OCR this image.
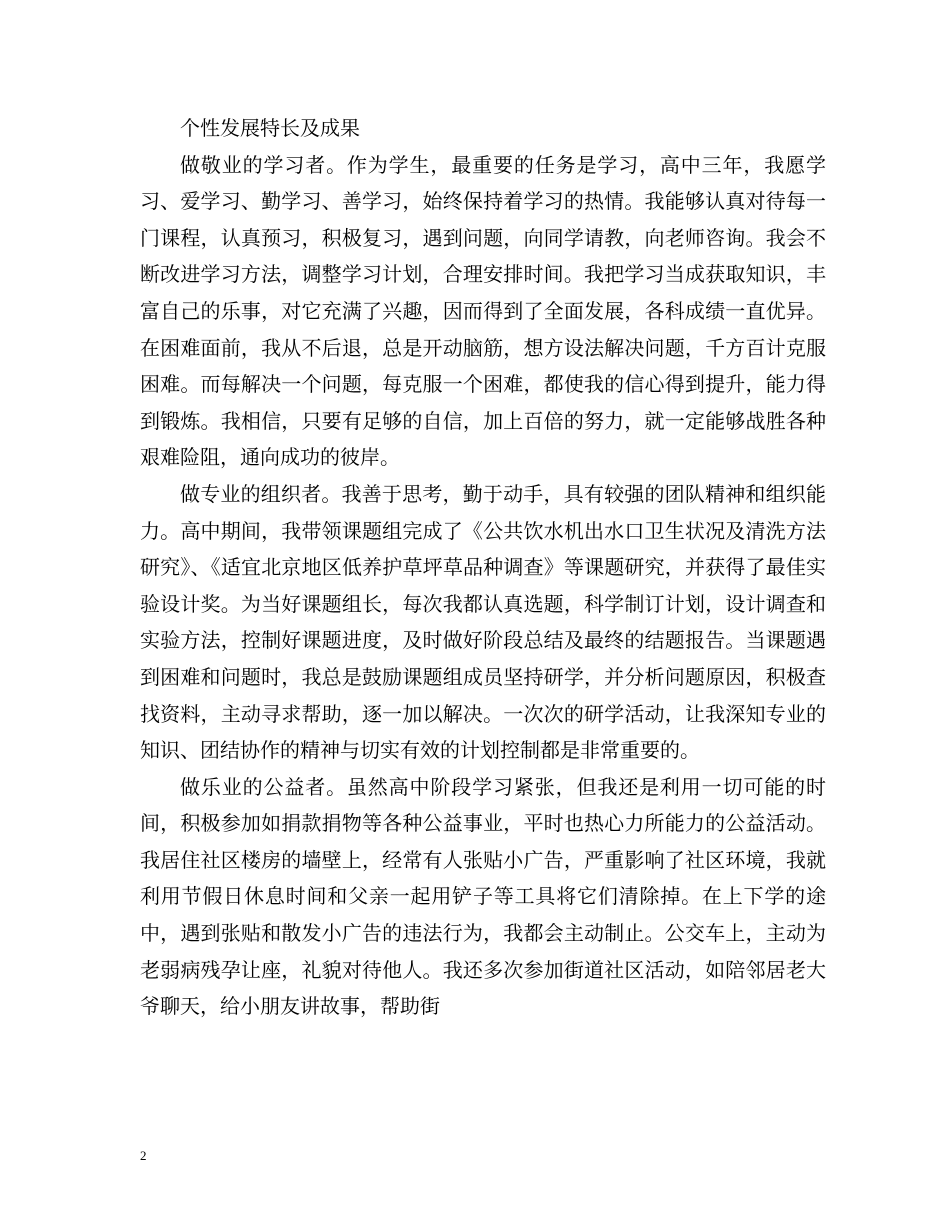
个性发展特长及成果

做敬业的学习者。作为学生，最重要的任务是学习，高中三年，我愿学习、爱学习、勤学习、善学习，始终保持着学习的热情。我能够认真对待每一门课程，认真预习，积极复习，遇到问题，向同学请教，向老师咨询。我会不断改进学习方法，调整学习计划，合理安排时间。我把学习当成获取知识，丰富自己的乐事，对它充满了兴趣，因而得到了全面发展，各科成绩一直优异。在困难面前，我从不后退，总是开动脑筋，想方设法解决问题，千方百计克服困难。而每解决一个问题，每克服一个困难，都使我的信心得到提升，能力得到锻炼。我相信，只要有足够的自信，加上百倍的努力，就一定能够战胜各种艰难险阻，通向成功的彼岸。

做专业的组织者。我善于思考，勤于动手，具有较强的团队精神和组织能力。高中期间，我带领课题组完成了《公共饮水机出水口卫生状况及清洗方法研究》、《适宜北京地区低养护草坪草品种调查》等课题研究，并获得了最佳实验设计奖。为当好课题组长，每次我都认真选题，科学制订计划，设计调查和实验方法，控制好课题进度，及时做好阶段总结及最终的结题报告。当课题遇到困难和问题时，我总是鼓励课题组成员坚持研学，并分析问题原因，积极查找资料，主动寻求帮助，逐一加以解决。一次次的研学活动，让我深知专业的知识、团结协作的精神与切实有效的计划控制都是非常重要的。

做乐业的公益者。虽然高中阶段学习紧张，但我还是利用一切可能的时间，积极参加如捐款捐物等各种公益事业，平时也热心力所能力的公益活动。我居住社区楼房的墙壁上，经常有人张贴小广告，严重影响了社区环境，我就利用节假日休息时间和父亲一起用铲子等工具将它们清除掉。在上下学的途中，遇到张贴和散发小广告的违法行为，我都会主动制止。公交车上，主动为老弱病残孕让座，礼貌对待他人。我还多次参加街道社区活动，如陪邻居老大爷聊天，给小朋友讲故事，帮助街

2
